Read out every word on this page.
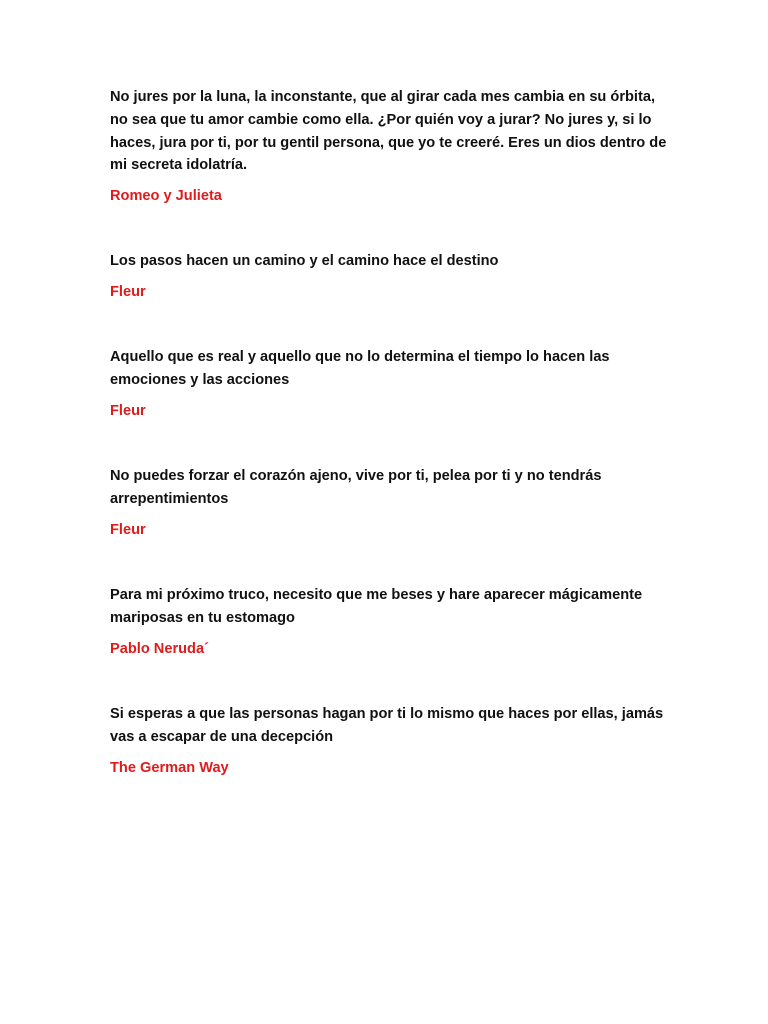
No jures por la luna, la inconstante, que al girar cada mes cambia en su órbita, no sea que tu amor cambie como ella. ¿Por quién voy a jurar? No jures y, si lo haces, jura por ti, por tu gentil persona, que yo te creeré. Eres un dios dentro de mi secreta idolatría.

Romeo y Julieta

Los pasos hacen un camino y el camino hace el destino

Fleur

Aquello que es real y aquello que no lo determina el tiempo lo hacen las emociones y las acciones

Fleur

No puedes forzar el corazón ajeno, vive por ti, pelea por ti y no tendrás arrepentimientos

Fleur

Para mi próximo truco, necesito que me beses y hare aparecer mágicamente mariposas en tu estomago

Pablo Neruda´

Si esperas a que las personas hagan por ti lo mismo que haces por ellas, jamás vas a escapar de una decepción

The German Way
